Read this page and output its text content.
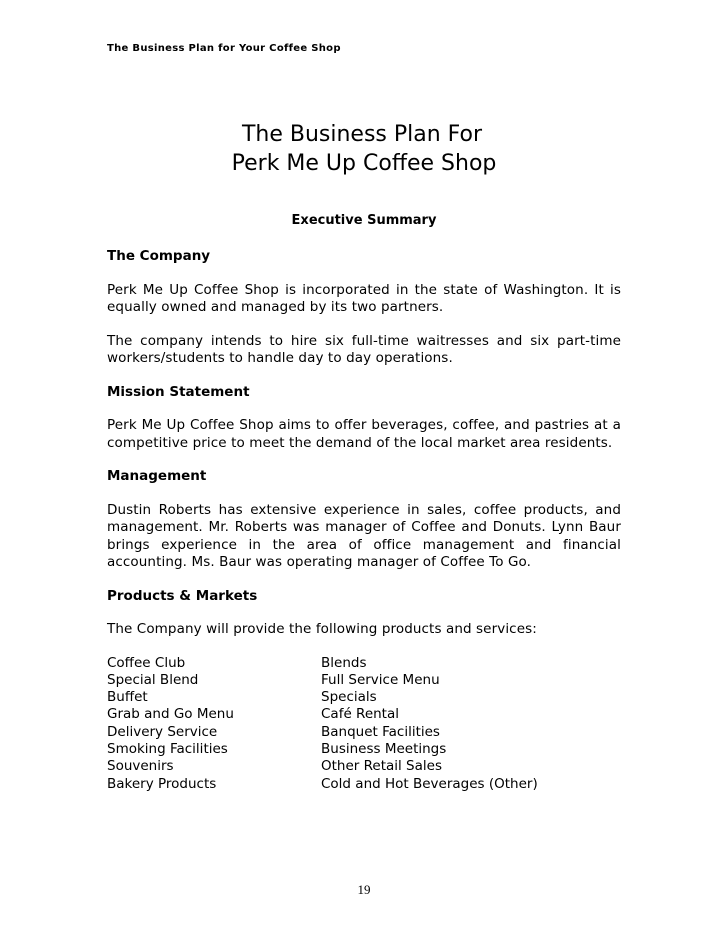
The Business Plan for Your Coffee Shop
The Business Plan For
Perk Me Up Coffee Shop
Executive Summary
The Company
Perk Me Up Coffee Shop is incorporated in the state of Washington. It is equally owned and managed by its two partners.
The company intends to hire six full-time waitresses and six part-time workers/students to handle day to day operations.
Mission Statement
Perk Me Up Coffee Shop aims to offer beverages, coffee, and pastries at a competitive price to meet the demand of the local market area residents.
Management
Dustin Roberts has extensive experience in sales, coffee products, and management. Mr. Roberts was manager of Coffee and Donuts. Lynn Baur brings experience in the area of office management and financial accounting. Ms. Baur was operating manager of Coffee To Go.
Products & Markets
The Company will provide the following products and services:
Coffee Club	Blends
Special Blend	Full Service Menu
Buffet	Specials
Grab and Go Menu	Café Rental
Delivery Service	Banquet Facilities
Smoking Facilities	Business Meetings
Souvenirs	Other Retail Sales
Bakery Products	Cold and Hot Beverages (Other)
19
